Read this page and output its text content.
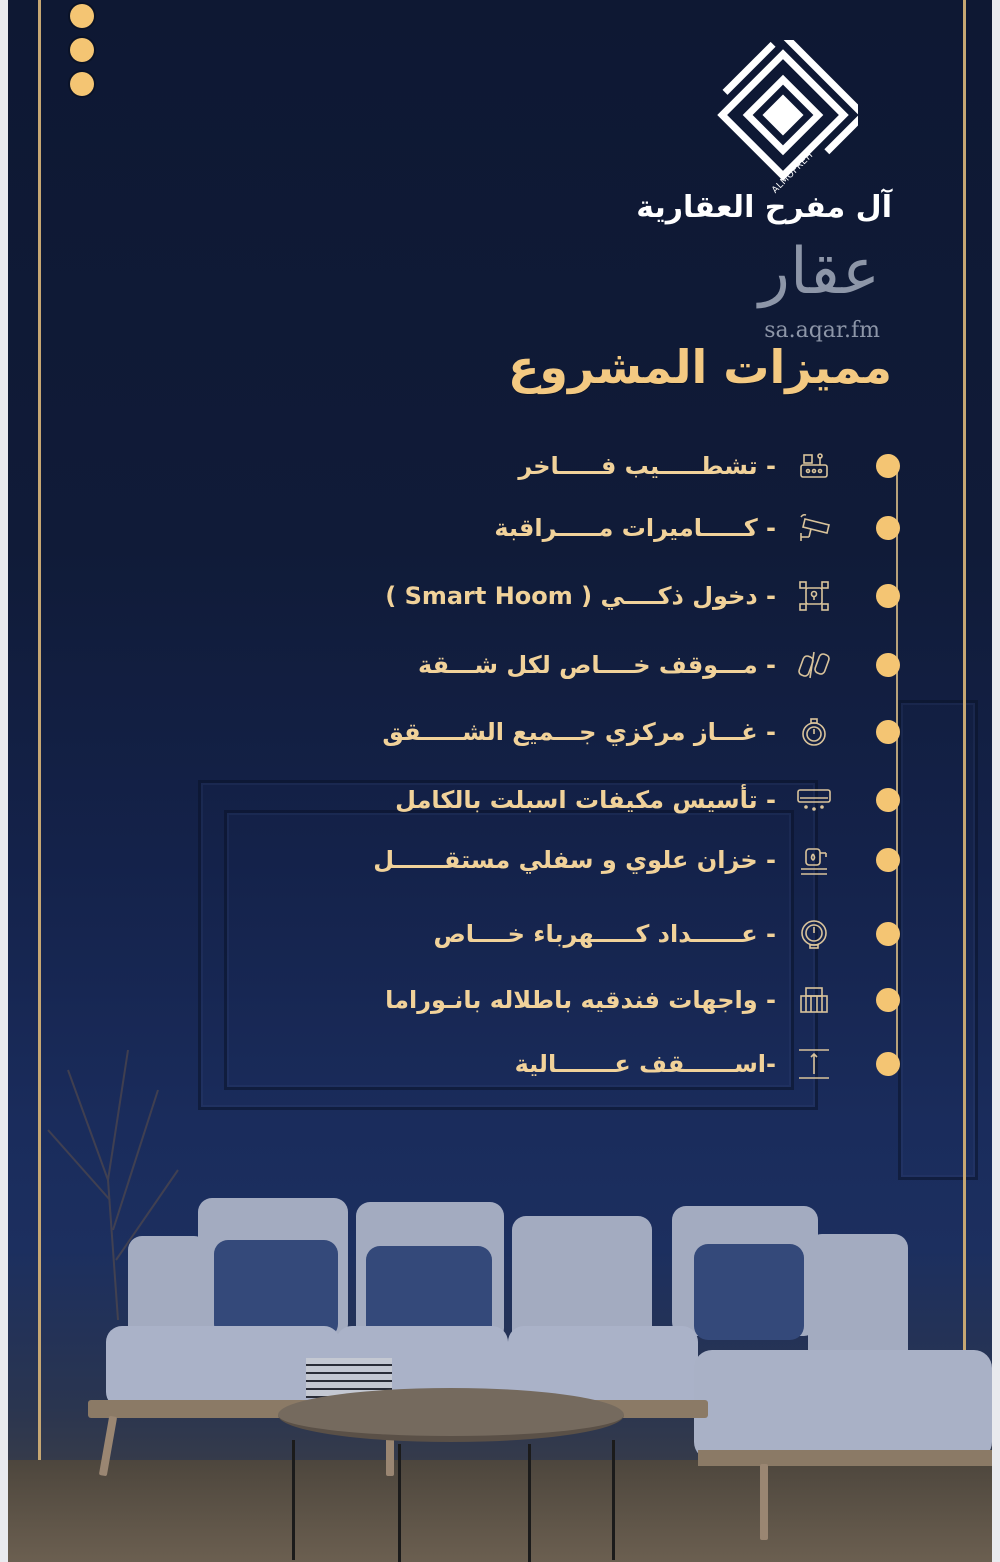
ALMOFREH
آل مفرح العقارية
عقار
sa.aqar.fm
مميزات المشروع
- تشطـــــيب فـــــاخر
- كـــــاميرات مـــــراقبة
- دخول ذكــــي ( Smart Hoom )
- مـــوقف خــــاص لكل شـــقة
- غـــاز مركزي جـــميع الشـــــقق
- تأسيس مكيفات اسبلت بالكامل
- خزان علوي و سفلي مستقــــــل
- عــــــداد كـــــهرباء خــــاص
- واجهات فندقيه باطلاله بانـوراما
-اســــــقف عـــــــالية
